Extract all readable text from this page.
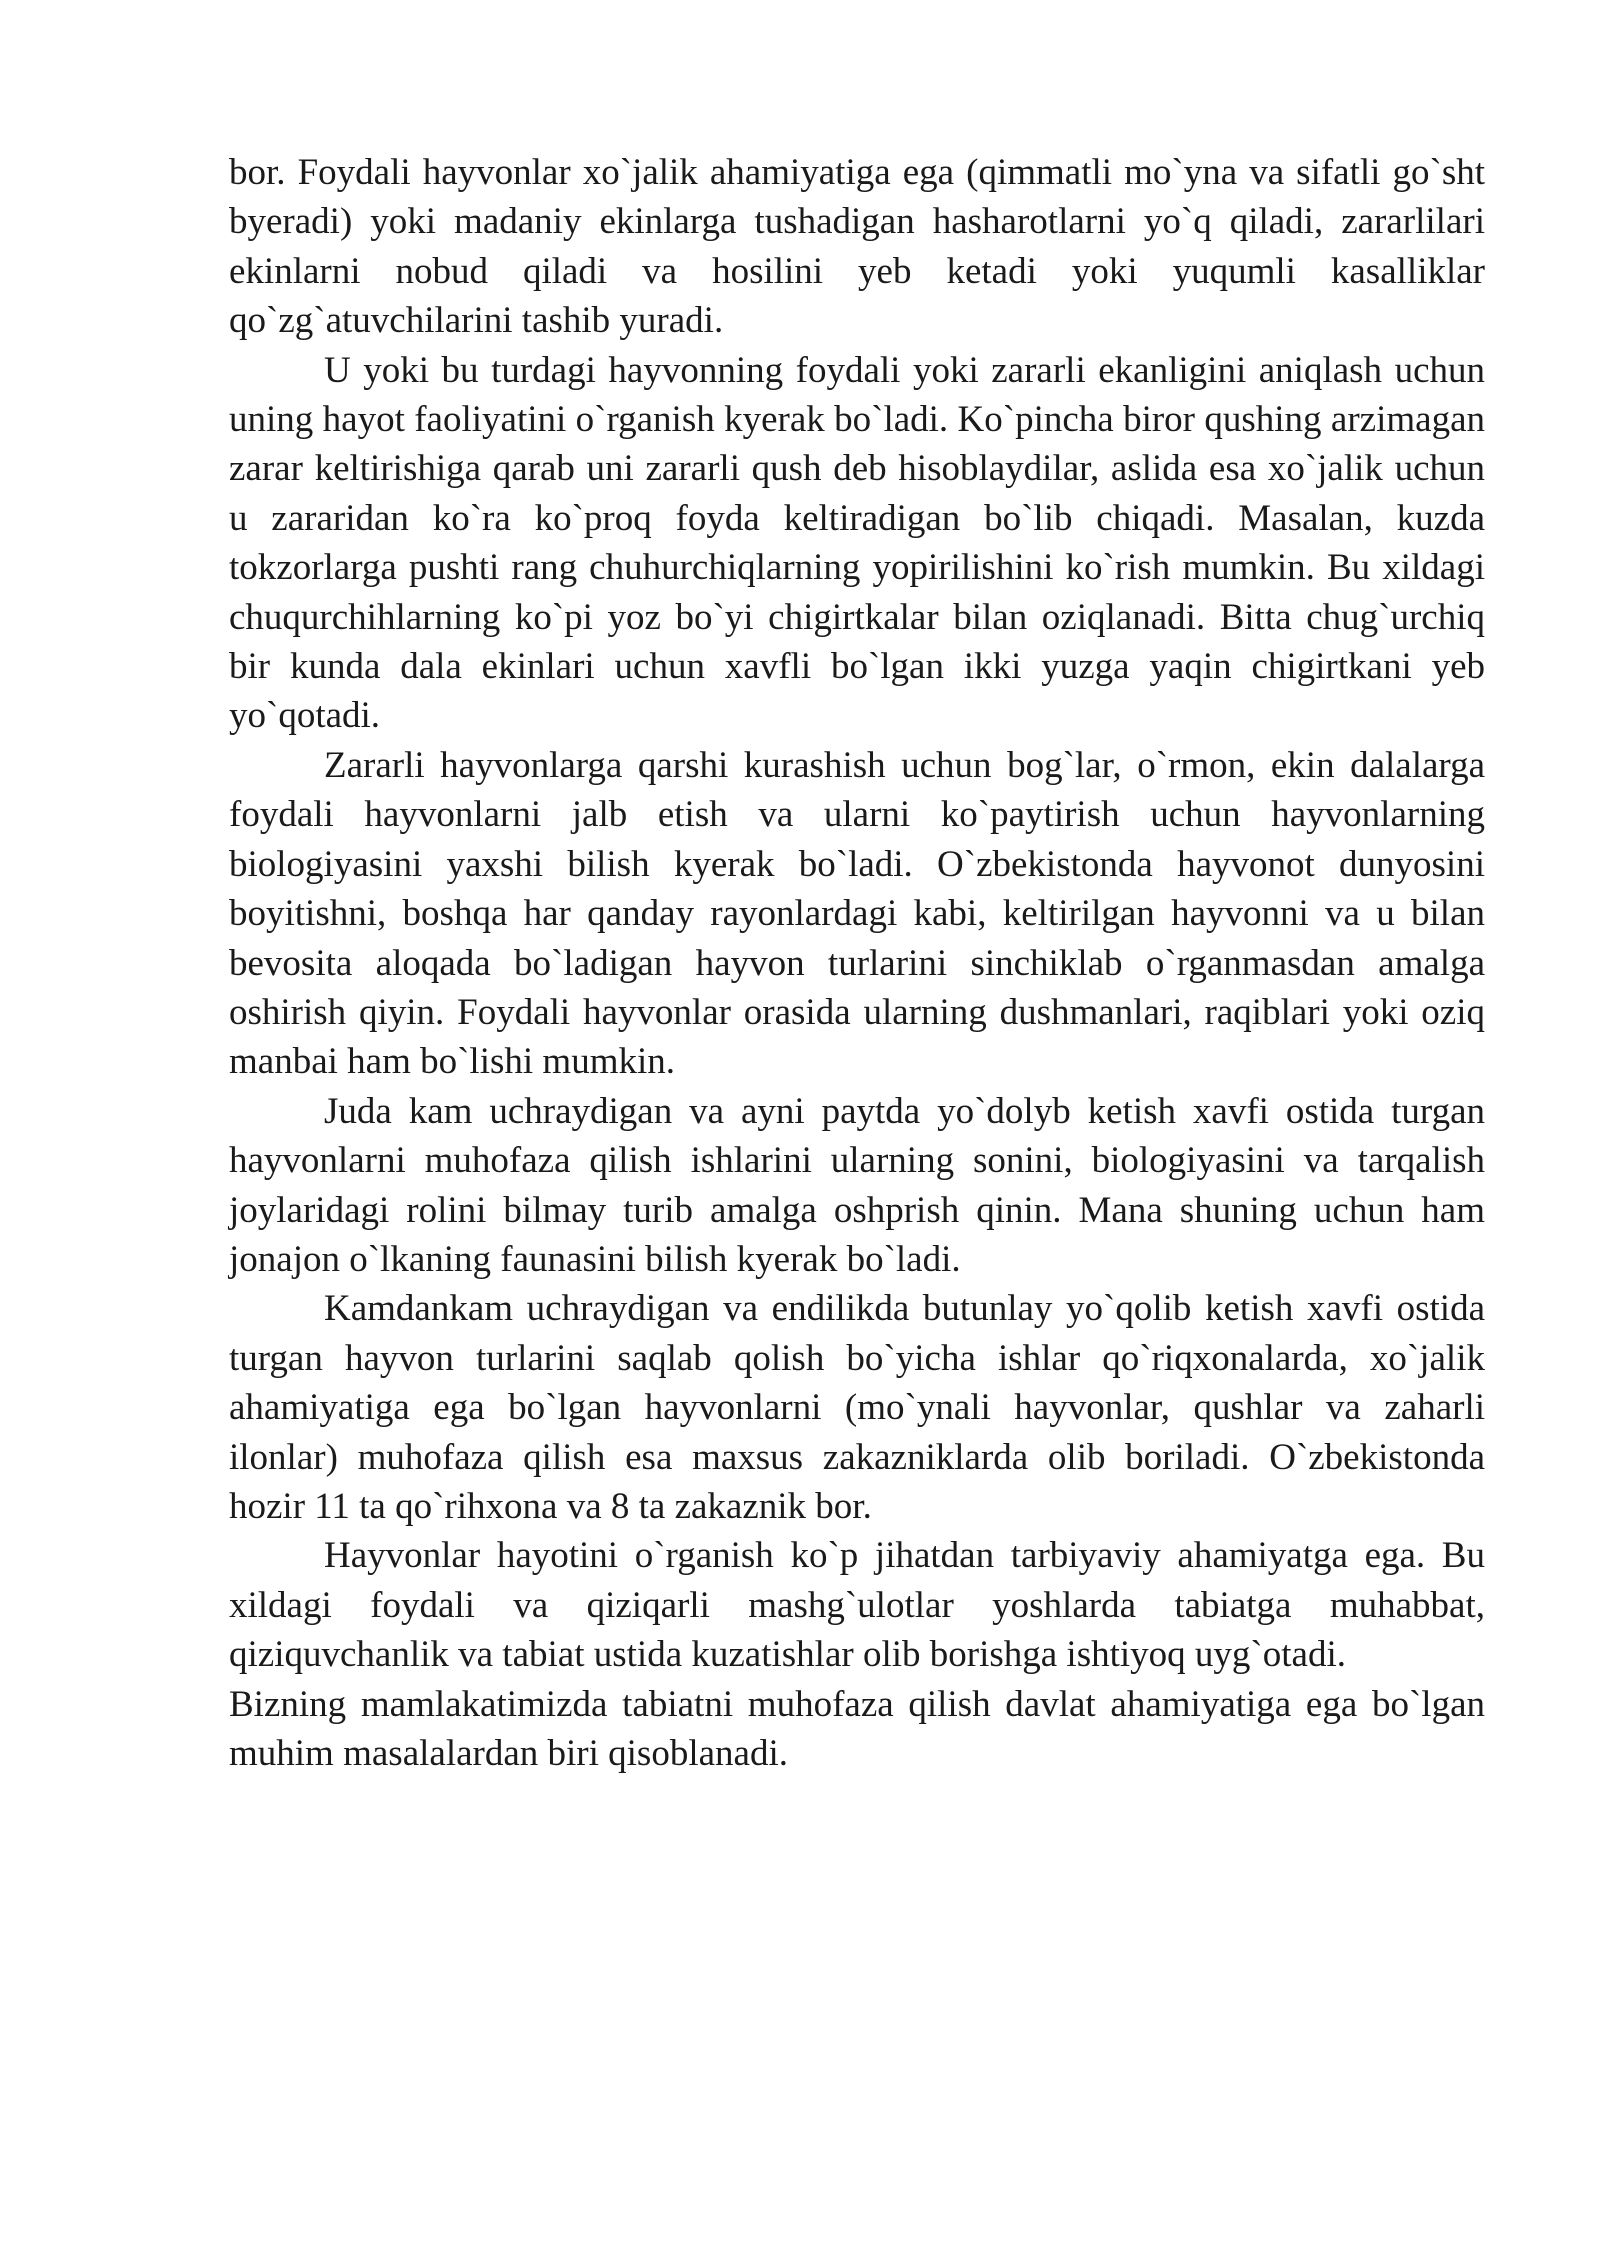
bor. Foydali hayvonlar xo`jalik ahamiyatiga ega (qimmatli mo`yna va sifatli go`sht byeradi) yoki madaniy ekinlarga tushadigan hasharotlarni yo`q qiladi, zararlilari ekinlarni nobud qiladi va hosilini yeb ketadi yoki yuqumli kasalliklar qo`zg`atuvchilarini tashib yuradi.

U yoki bu turdagi hayvonning foydali yoki zararli ekanligini aniqlash uchun uning hayot faoliyatini o`rganish kyerak bo`ladi. Ko`pincha biror qushing arzimagan zarar keltirishiga qarab uni zararli qush deb hisoblaydilar, aslida esa xo`jalik uchun u zararidan ko`ra ko`proq foyda keltiradigan bo`lib chiqadi. Masalan, kuzda tokzorlarga pushti rang chuhurchiqlarning yopirilishini ko`rish mumkin. Bu xildagi chuqurchihlarning ko`pi yoz bo`yi chigirtkalar bilan oziqlanadi. Bitta chug`urchiq bir kunda dala ekinlari uchun xavfli bo`lgan ikki yuzga yaqin chigirtkani yeb yo`qotadi.

Zararli hayvonlarga qarshi kurashish uchun bog`lar, o`rmon, ekin dalalarga foydali hayvonlarni jalb etish va ularni ko`paytirish uchun hayvonlarning biologiyasini yaxshi bilish kyerak bo`ladi. O`zbekistonda hayvonot dunyosini boyitishni, boshqa har qanday rayonlardagi kabi, keltirilgan hayvonni va u bilan bevosita aloqada bo`ladigan hayvon turlarini sinchiklab o`rganmasdan amalga oshirish qiyin. Foydali hayvonlar orasida ularning dushmanlari, raqiblari yoki oziq manbai ham bo`lishi mumkin.

Juda kam uchraydigan va ayni paytda yo`dolyb ketish xavfi ostida turgan hayvonlarni muhofaza qilish ishlarini ularning sonini, biologiyasini va tarqalish joylaridagi rolini bilmay turib amalga oshprish qinin. Mana shuning uchun ham jonajon o`lkaning faunasini bilish kyerak bo`ladi.

Kamdankam uchraydigan va endilikda butunlay yo`qolib ketish xavfi ostida turgan hayvon turlarini saqlab qolish bo`yicha ishlar qo`riqxonalarda, xo`jalik ahamiyatiga ega bo`lgan hayvonlarni (mo`ynali hayvonlar, qushlar va zaharli ilonlar) muhofaza qilish esa maxsus zakazniklarda olib boriladi. O`zbekistonda hozir 11 ta qo`rihxona va 8 ta zakaznik bor.

Hayvonlar hayotini o`rganish ko`p jihatdan tarbiyaviy ahamiyatga ega. Bu xildagi foydali va qiziqarli mashg`ulotlar yoshlarda tabiatga muhabbat, qiziquvchanlik va tabiat ustida kuzatishlar olib borishga ishtiyoq uyg`otadi.

Bizning mamlakatimizda tabiatni muhofaza qilish davlat ahamiyatiga ega bo`lgan muhim masalalardan biri qisoblanadi.
